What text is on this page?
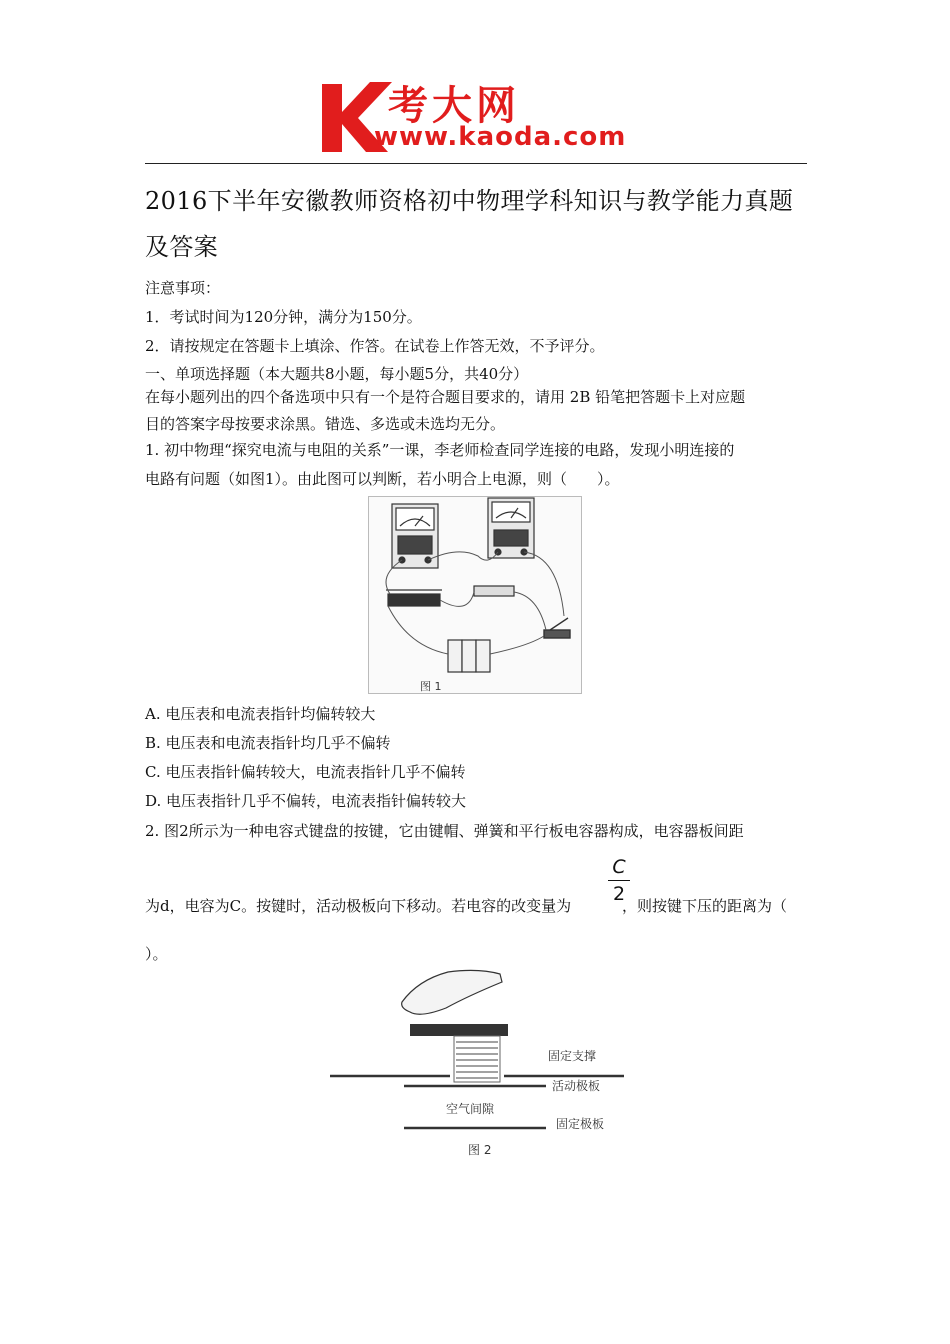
考大网
www.kaoda.com
2016下半年安徽教师资格初中物理学科知识与教学能力真题及答案
注意事项：
1．考试时间为120分钟，满分为150分。
2．请按规定在答题卡上填涂、作答。在试卷上作答无效，不予评分。
一、单项选择题（本大题共8小题，每小题5分，共40分）
在每小题列出的四个备选项中只有一个是符合题目要求的，请用 2B 铅笔把答题卡上对应题
目的答案字母按要求涂黑。错选、多选或未选均无分。
1. 初中物理“探究电流与电阻的关系”一课，李老师检查同学连接的电路，发现小明连接的
电路有问题（如图1）。由此图可以判断，若小明合上电源，则（　　）。
图 1
A. 电压表和电流表指针均偏转较大
B. 电压表和电流表指针均几乎不偏转
C. 电压表指针偏转较大，电流表指针几乎不偏转
D. 电压表指针几乎不偏转，电流表指针偏转较大
2. 图2所示为一种电容式键盘的按键，它由键帽、弹簧和平行板电容器构成，电容器板间距
为d，电容为C。按键时，活动极板向下移动。若电容的改变量为
$\frac{C}{2}$
，则按键下压的距离为（
）。
固定支撑
活动极板
空气间隙
固定极板
图 2
